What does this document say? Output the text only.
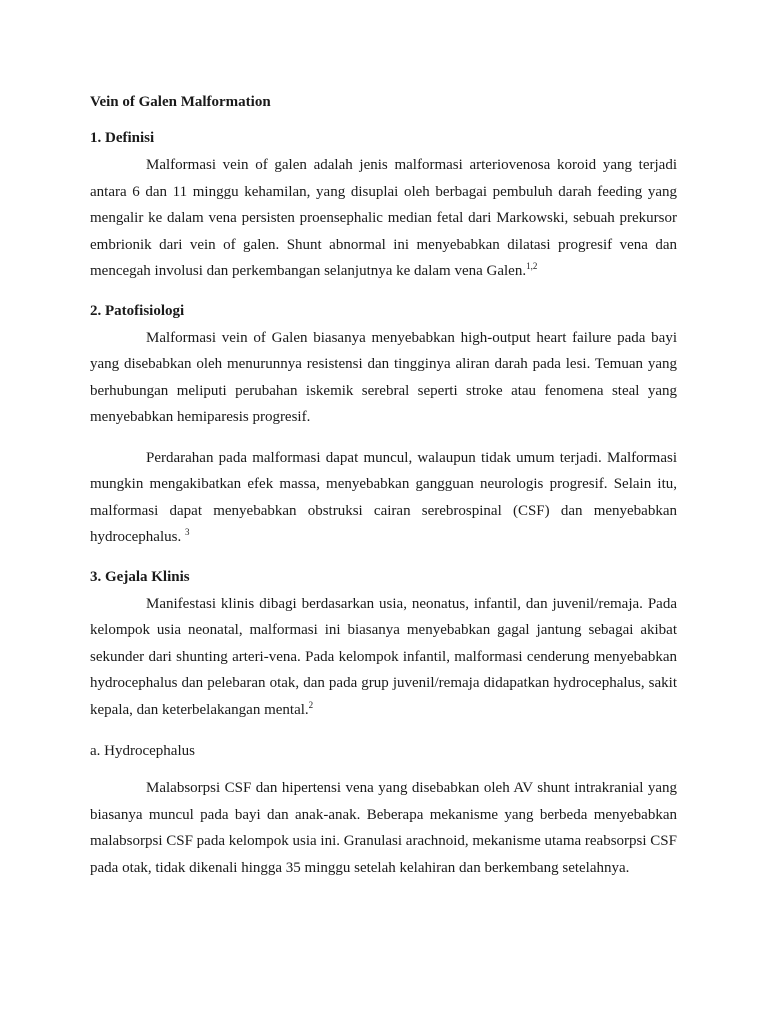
Vein of Galen Malformation
1. Definisi

Malformasi vein of galen adalah jenis malformasi arteriovenosa koroid yang terjadi antara 6 dan 11 minggu kehamilan, yang disuplai oleh berbagai pembuluh darah feeding yang mengalir ke dalam vena persisten proensephalic median fetal dari Markowski, sebuah prekursor embrionik dari vein of galen. Shunt abnormal ini menyebabkan dilatasi progresif vena dan mencegah involusi dan perkembangan selanjutnya ke dalam vena Galen.$^{1,2}$

2. Patofisiologi

Malformasi vein of Galen biasanya menyebabkan high-output heart failure pada bayi yang disebabkan oleh menurunnya resistensi dan tingginya aliran darah pada lesi. Temuan yang berhubungan meliputi perubahan iskemik serebral seperti stroke atau fenomena steal yang menyebabkan hemiparesis progresif.

Perdarahan pada malformasi dapat muncul, walaupun tidak umum terjadi. Malformasi mungkin mengakibatkan efek massa, menyebabkan gangguan neurologis progresif. Selain itu, malformasi dapat menyebabkan obstruksi cairan serebrospinal (CSF) dan menyebabkan hydrocephalus. $^3$

3. Gejala Klinis

Manifestasi klinis dibagi berdasarkan usia, neonatus, infantil, dan juvenil/remaja. Pada kelompok usia neonatal, malformasi ini biasanya menyebabkan gagal jantung sebagai akibat sekunder dari shunting arteri-vena. Pada kelompok infantil, malformasi cenderung menyebabkan hydrocephalus dan pelebaran otak, dan pada grup juvenil/remaja didapatkan hydrocephalus, sakit kepala, dan keterbelakangan mental.$^2$

a. Hydrocephalus

Malabsorpsi CSF dan hipertensi vena yang disebabkan oleh AV shunt intrakranial yang biasanya muncul pada bayi dan anak-anak. Beberapa mekanisme yang berbeda menyebabkan malabsorpsi CSF pada kelompok usia ini. Granulasi arachnoid, mekanisme utama reabsorpsi CSF pada otak, tidak dikenali hingga 35 minggu setelah kelahiran dan berkembang setelahnya.
